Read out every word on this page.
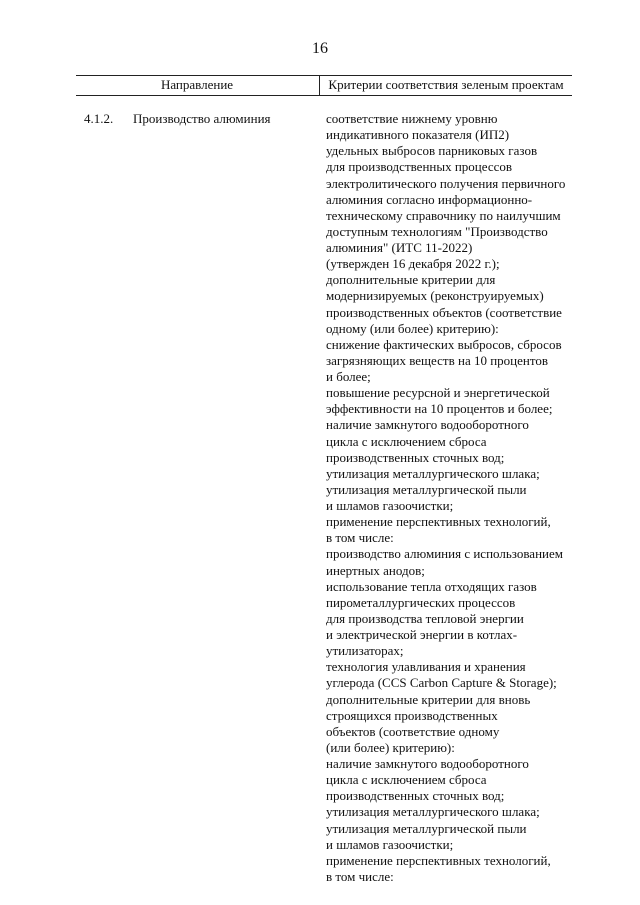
16
Направление	Критерии соответствия зеленым проектам
4.1.2. Производство алюминия	соответствие нижнему уровню
индикативного показателя (ИП2)
удельных выбросов парниковых газов
для производственных процессов
электролитического получения первичного
алюминия согласно информационно-
техническому справочнику по наилучшим
доступным технологиям "Производство
алюминия" (ИТС 11-2022)
(утвержден 16 декабря 2022 г.);
дополнительные критерии для
модернизируемых (реконструируемых)
производственных объектов (соответствие
одному (или более) критерию):
снижение фактических выбросов, сбросов
загрязняющих веществ на 10 процентов
и более;
повышение ресурсной и энергетической
эффективности на 10 процентов и более;
наличие замкнутого водооборотного
цикла с исключением сброса
производственных сточных вод;
утилизация металлургического шлака;
утилизация металлургической пыли
и шламов газоочистки;
применение перспективных технологий,
в том числе:
производство алюминия с использованием
инертных анодов;
использование тепла отходящих газов
пирометаллургических процессов
для производства тепловой энергии
и электрической энергии в котлах-
утилизаторах;
технология улавливания и хранения
углерода (CCS Carbon Capture & Storage);
дополнительные критерии для вновь
строящихся производственных
объектов (соответствие одному
(или более) критерию):
наличие замкнутого водооборотного
цикла с исключением сброса
производственных сточных вод;
утилизация металлургического шлака;
утилизация металлургической пыли
и шламов газоочистки;
применение перспективных технологий,
в том числе:
